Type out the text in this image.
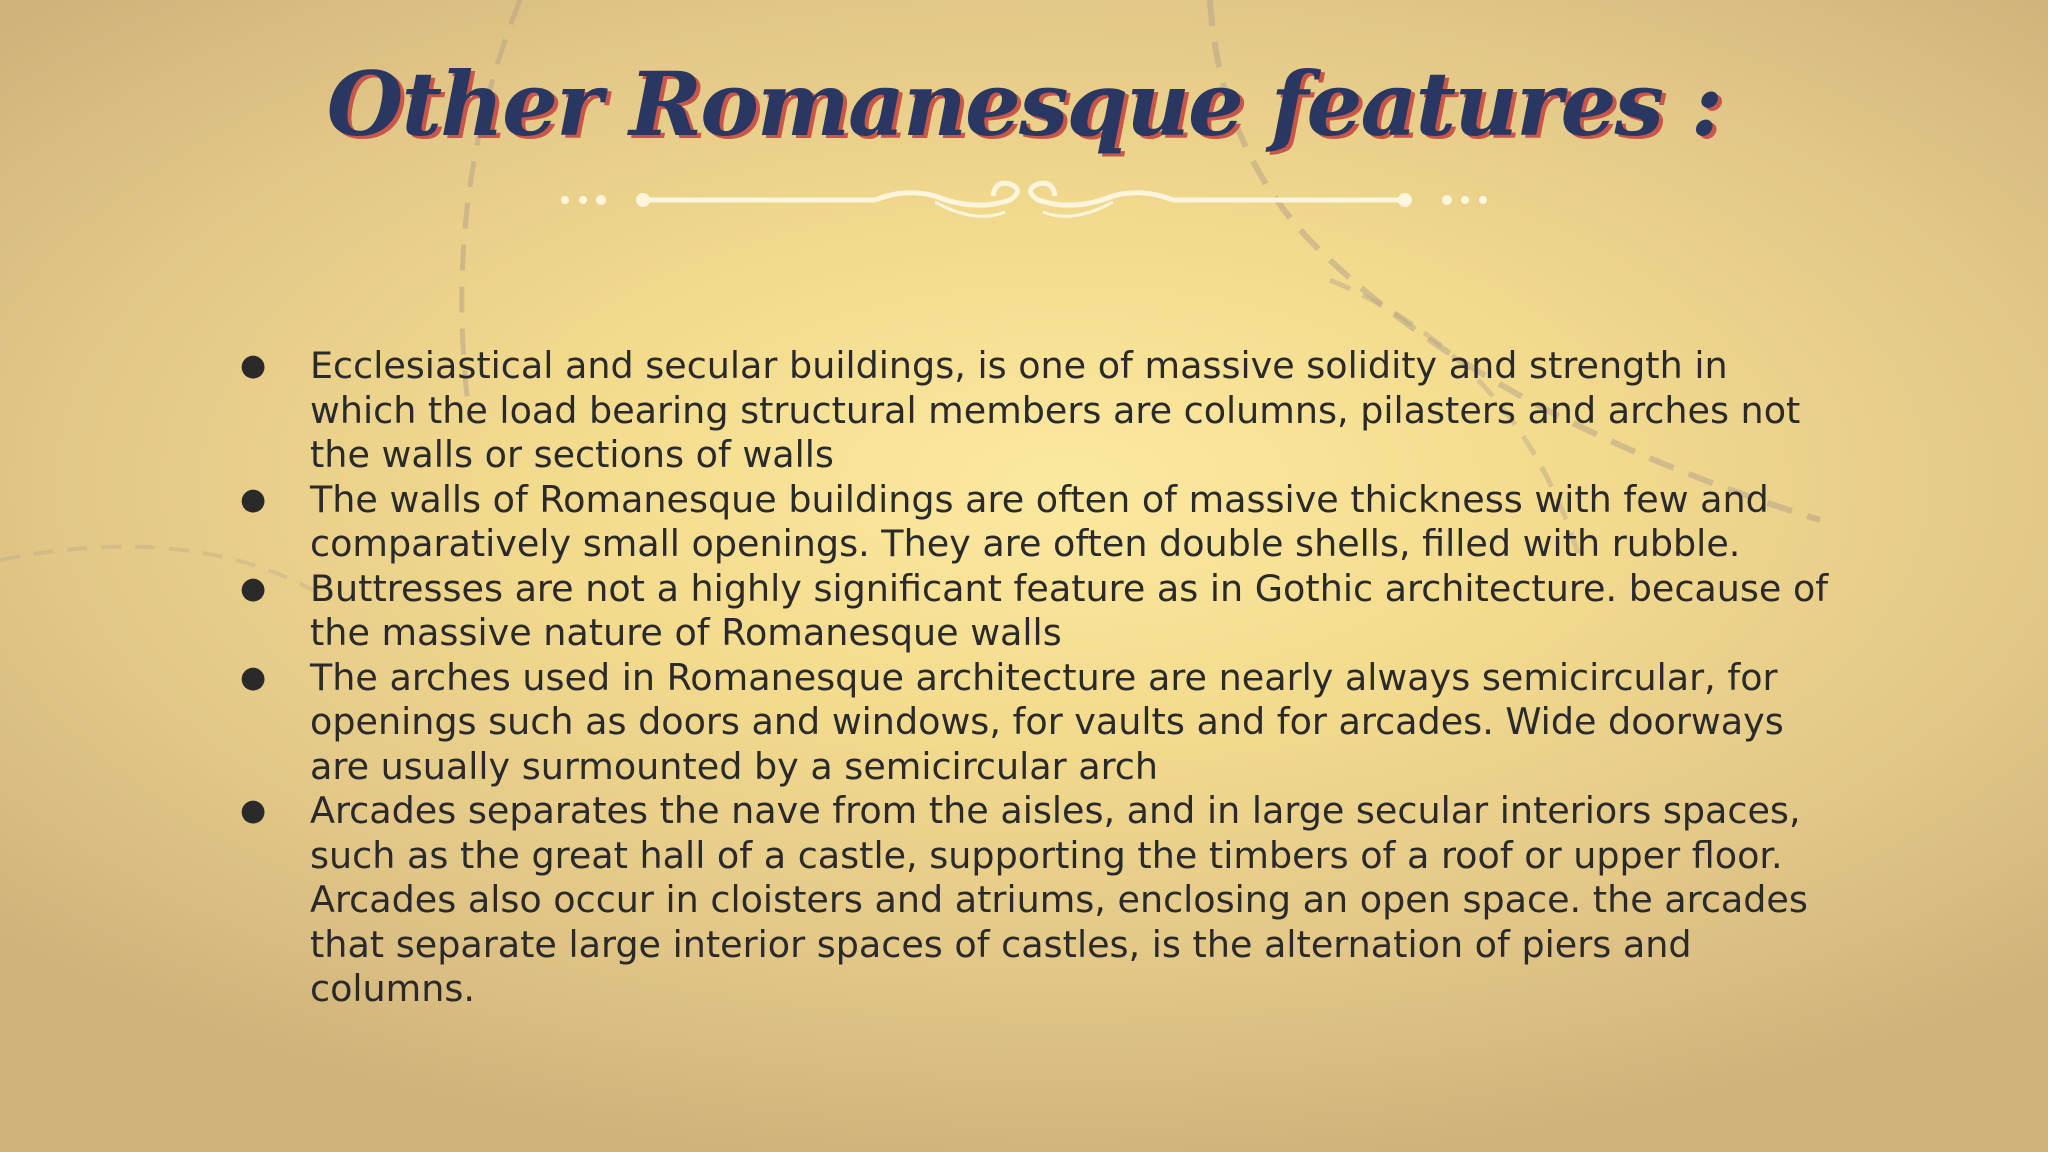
Other Romanesque features :
● Ecclesiastical and secular buildings, is one of massive solidity and strength in which the load bearing structural members are columns, pilasters and arches not the walls or sections of walls
● The walls of Romanesque buildings are often of massive thickness with few and comparatively small openings. They are often double shells, filled with rubble.
● Buttresses are not a highly significant feature as in Gothic architecture. because of the massive nature of Romanesque walls
● The arches used in Romanesque architecture are nearly always semicircular, for openings such as doors and windows, for vaults and for arcades. Wide doorways are usually surmounted by a semicircular arch
● Arcades separates the nave from the aisles, and in large secular interiors spaces, such as the great hall of a castle, supporting the timbers of a roof or upper floor. Arcades also occur in cloisters and atriums, enclosing an open space. the arcades that separate large interior spaces of castles, is the alternation of piers and columns.
